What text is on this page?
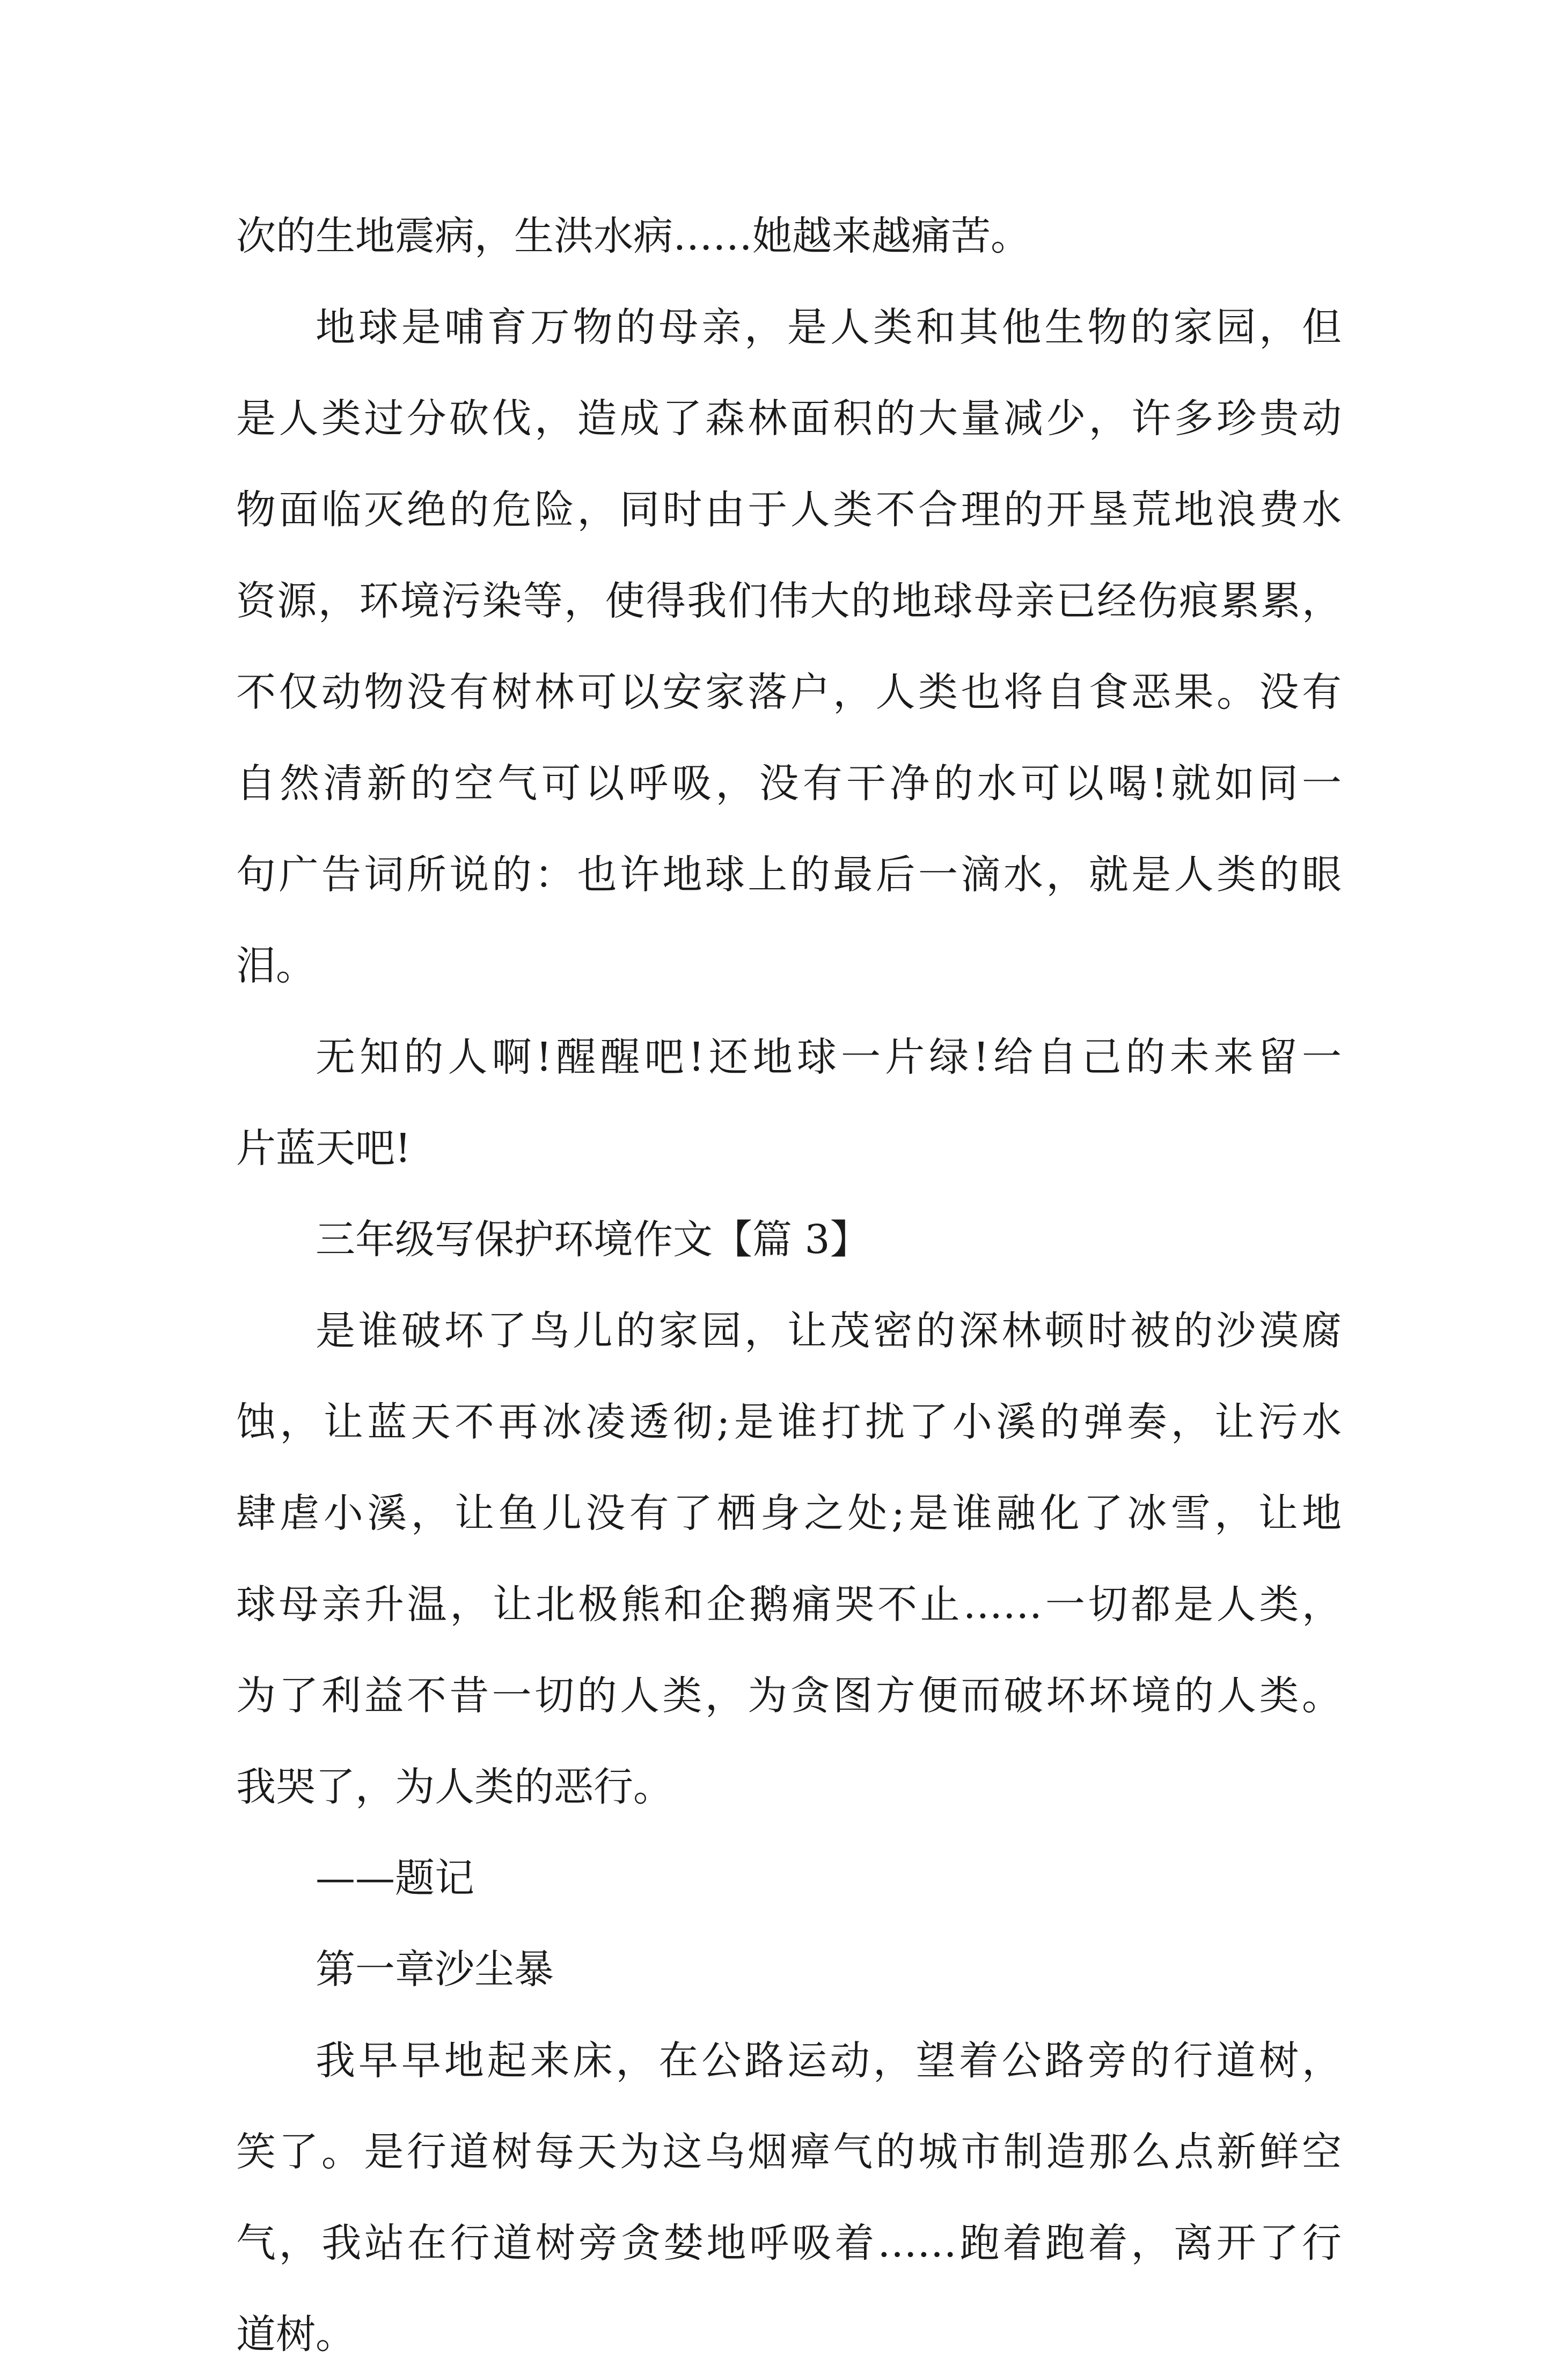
次的生地震病，生洪水病……她越来越痛苦。
地球是哺育万物的母亲，是人类和其他生物的家园，但
是人类过分砍伐，造成了森林面积的大量减少，许多珍贵动
物面临灭绝的危险，同时由于人类不合理的开垦荒地浪费水
资源，环境污染等，使得我们伟大的地球母亲已经伤痕累累，
不仅动物没有树林可以安家落户，人类也将自食恶果。没有
自然清新的空气可以呼吸，没有干净的水可以喝!就如同一
句广告词所说的：也许地球上的最后一滴水，就是人类的眼
泪。
无知的人啊!醒醒吧!还地球一片绿!给自己的未来留一
片蓝天吧!
三年级写保护环境作文【篇 3】
是谁破坏了鸟儿的家园，让茂密的深林顿时被的沙漠腐
蚀，让蓝天不再冰凌透彻;是谁打扰了小溪的弹奏，让污水
肆虐小溪，让鱼儿没有了栖身之处;是谁融化了冰雪，让地
球母亲升温，让北极熊和企鹅痛哭不止……一切都是人类，
为了利益不昔一切的人类，为贪图方便而破坏坏境的人类。
我哭了，为人类的恶行。
——题记
第一章沙尘暴
我早早地起来床，在公路运动，望着公路旁的行道树，
笑了。是行道树每天为这乌烟瘴气的城市制造那么点新鲜空
气，我站在行道树旁贪婪地呼吸着……跑着跑着，离开了行
道树。
